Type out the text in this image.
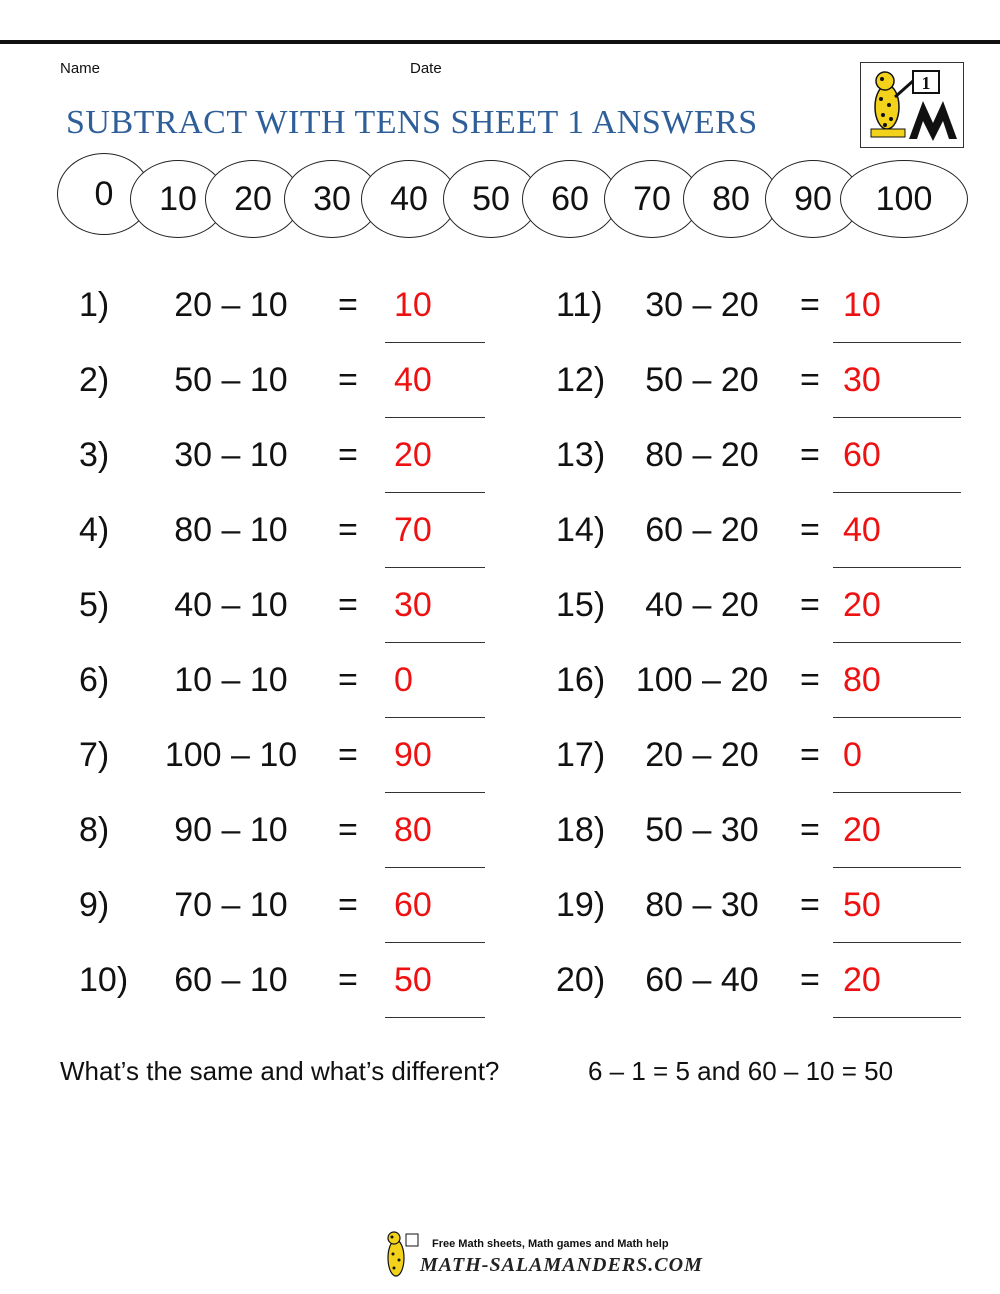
Name	Date
SUBTRACT WITH TENS SHEET 1 ANSWERS
1
0	10	20	30	40	50	60	70	80	90	100
1)	20 – 10	= 10
2)	50 – 10	= 40
3)	30 – 10	= 20
4)	80 – 10	= 70
5)	40 – 10	= 30
6)	10 – 10	= 0
7)	100 – 10	= 90
8)	90 – 10	= 80
9)	70 – 10	= 60
10)	60 – 10	= 50
11)	30 – 20	= 10
12)	50 – 20	= 30
13)	80 – 20	= 60
14)	60 – 20	= 40
15)	40 – 20	= 20
16) 100 – 20 = 80
17)	20 – 20	= 0
18)	50 – 30	= 20
19)	80 – 30	= 50
20)	60 – 40	= 20
What’s the same and what’s different?	6 – 1 = 5 and 60 – 10 = 50
Free Math sheets, Math games and Math help
MATH-SALAMANDERS.COM
